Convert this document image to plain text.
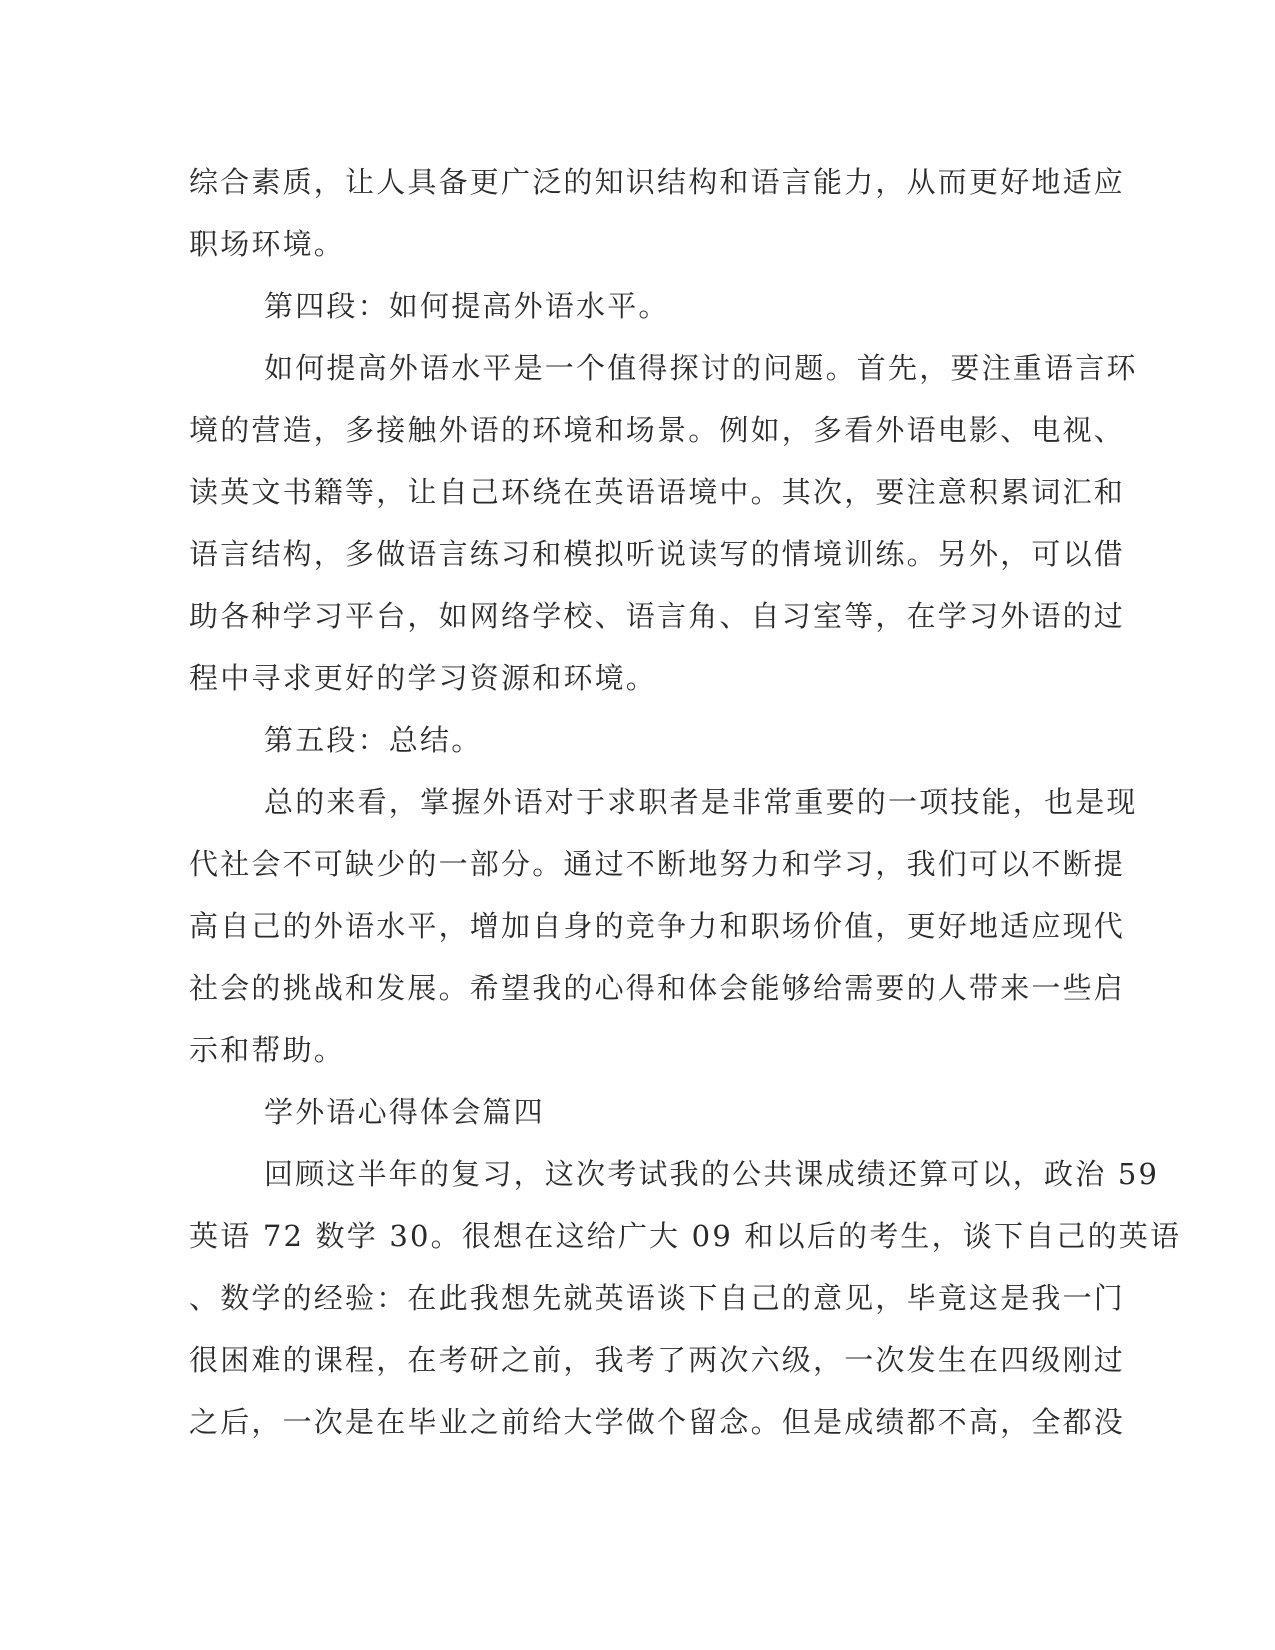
综合素质，让人具备更广泛的知识结构和语言能力，从而更好地适应

职场环境。

第四段：如何提高外语水平。

如何提高外语水平是一个值得探讨的问题。首先，要注重语言环

境的营造，多接触外语的环境和场景。例如，多看外语电影、电视、

读英文书籍等，让自己环绕在英语语境中。其次，要注意积累词汇和

语言结构，多做语言练习和模拟听说读写的情境训练。另外，可以借

助各种学习平台，如网络学校、语言角、自习室等，在学习外语的过

程中寻求更好的学习资源和环境。

第五段：总结。

总的来看，掌握外语对于求职者是非常重要的一项技能，也是现

代社会不可缺少的一部分。通过不断地努力和学习，我们可以不断提

高自己的外语水平，增加自身的竞争力和职场价值，更好地适应现代

社会的挑战和发展。希望我的心得和体会能够给需要的人带来一些启

示和帮助。

学外语心得体会篇四

回顾这半年的复习，这次考试我的公共课成绩还算可以，政治 59

英语 72 数学 30。很想在这给广大 09 和以后的考生，谈下自己的英语

、数学的经验：在此我想先就英语谈下自己的意见，毕竟这是我一门

很困难的课程，在考研之前，我考了两次六级，一次发生在四级刚过

之后，一次是在毕业之前给大学做个留念。但是成绩都不高，全都没
